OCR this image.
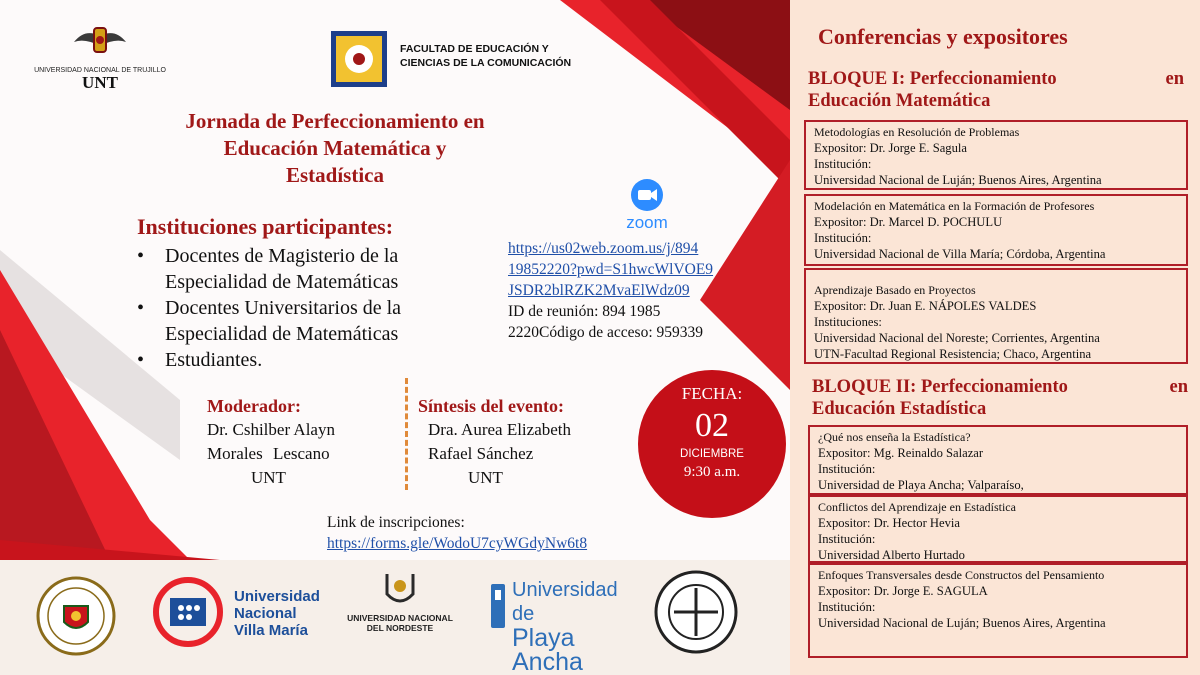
UNIVERSIDAD NACIONAL DE TRUJILLO
UNT
FACULTAD DE EDUCACIÓN Y
CIENCIAS DE LA COMUNICACIÓN
Jornada de Perfeccionamiento en
Educación Matemática y
Estadística
Instituciones participantes:
• Docentes de Magisterio de la
Especialidad de Matemáticas
• Docentes Universitarios de la
Especialidad de Matemáticas
• Estudiantes.
zoom
https://us02web.zoom.us/j/894
19852220?pwd=S1hwcWlVOE9
JSDR2blRZK2MvaElWdz09
ID de reunión: 894 1985
2220Código de acceso: 959339
Moderador:
Dr. Cshilber Alayn
Morales Lescano
UNT
Síntesis del evento:
Dra. Aurea Elizabeth
Rafael Sánchez
UNT
FECHA:
02
DICIEMBRE
9:30 a.m.
Link de inscripciones:
https://forms.gle/WodoU7cyWGdyNw6t8
Universidad
Nacional
Villa María
UNIVERSIDAD NACIONAL
DEL NORDESTE
Universidad de
Playa Ancha
Conferencias y expositores
BLOQUE I: Perfeccionamiento	en
Educación Matemática
Metodologías en Resolución de Problemas
Expositor: Dr. Jorge E. Sagula
Institución:
Universidad Nacional de Luján; Buenos Aires, Argentina
Modelación en Matemática en la Formación de Profesores
Expositor: Dr. Marcel D. POCHULU
Institución:
Universidad Nacional de Villa María; Córdoba, Argentina
Aprendizaje Basado en Proyectos
Expositor: Dr. Juan E. NÁPOLES VALDES
Instituciones:
Universidad Nacional del Noreste; Corrientes, Argentina
UTN-Facultad Regional Resistencia; Chaco, Argentina
BLOQUE II: Perfeccionamiento	en
Educación Estadística
¿Qué nos enseña la Estadística?
Expositor: Mg. Reinaldo Salazar
Institución:
Universidad de Playa Ancha; Valparaíso,
Conflictos del Aprendizaje en Estadística
Expositor: Dr. Hector Hevia
Institución:
Universidad Alberto Hurtado
Enfoques Transversales desde Constructos del Pensamiento
Expositor: Dr. Jorge E. SAGULA
Institución:
Universidad Nacional de Luján; Buenos Aires, Argentina
